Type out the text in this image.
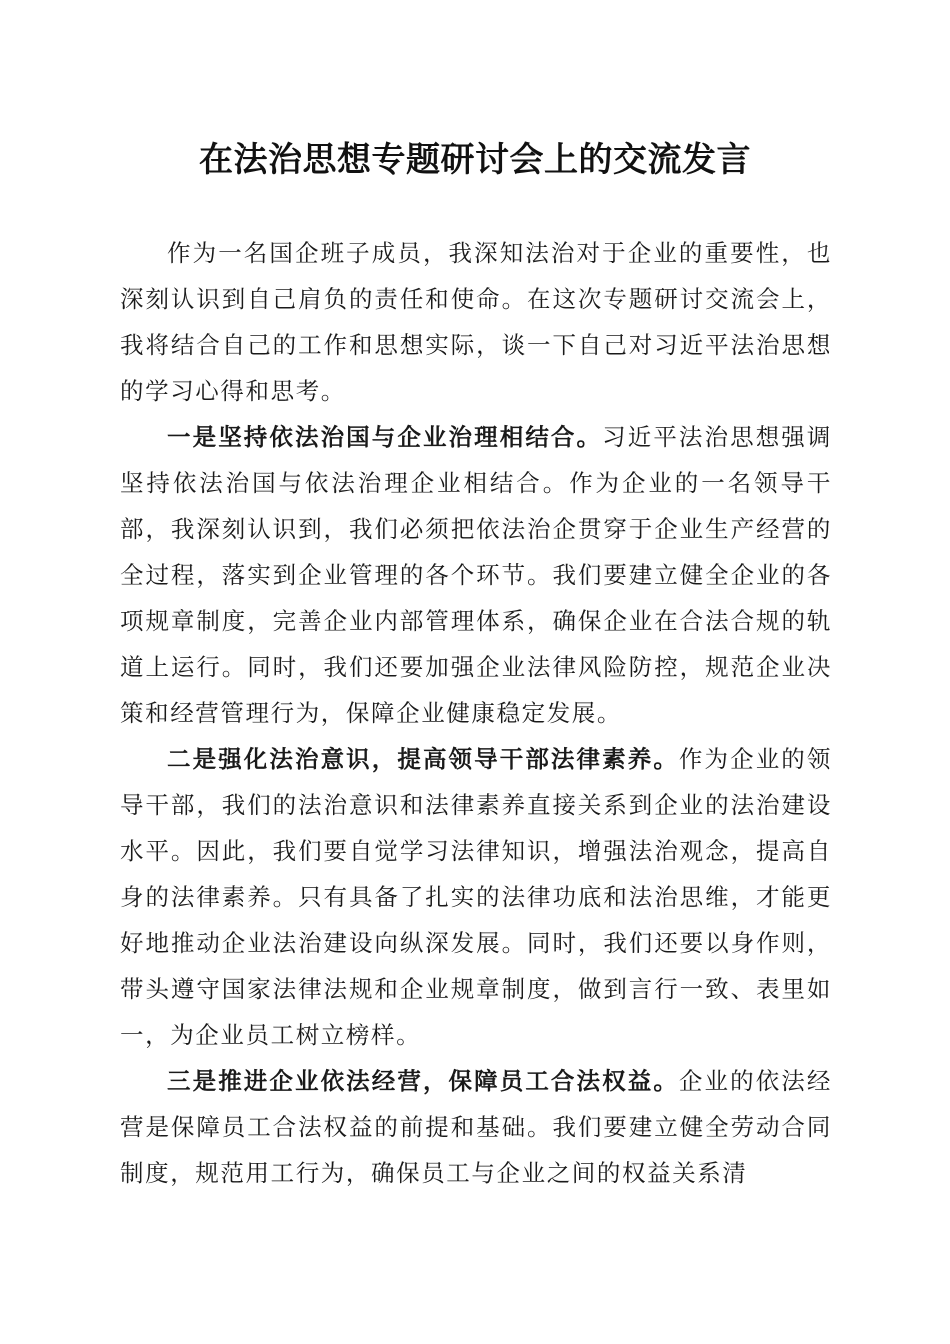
在法治思想专题研讨会上的交流发言

作为一名国企班子成员，我深知法治对于企业的重要性，也深刻认识到自己肩负的责任和使命。在这次专题研讨交流会上，我将结合自己的工作和思想实际，谈一下自己对习近平法治思想的学习心得和思考。

一是坚持依法治国与企业治理相结合。习近平法治思想强调坚持依法治国与依法治理企业相结合。作为企业的一名领导干部，我深刻认识到，我们必须把依法治企贯穿于企业生产经营的全过程，落实到企业管理的各个环节。我们要建立健全企业的各项规章制度，完善企业内部管理体系，确保企业在合法合规的轨道上运行。同时，我们还要加强企业法律风险防控，规范企业决策和经营管理行为，保障企业健康稳定发展。

二是强化法治意识，提高领导干部法律素养。作为企业的领导干部，我们的法治意识和法律素养直接关系到企业的法治建设水平。因此，我们要自觉学习法律知识，增强法治观念，提高自身的法律素养。只有具备了扎实的法律功底和法治思维，才能更好地推动企业法治建设向纵深发展。同时，我们还要以身作则，带头遵守国家法律法规和企业规章制度，做到言行一致、表里如一，为企业员工树立榜样。

三是推进企业依法经营，保障员工合法权益。企业的依法经营是保障员工合法权益的前提和基础。我们要建立健全劳动合同制度，规范用工行为，确保员工与企业之间的权益关系清
